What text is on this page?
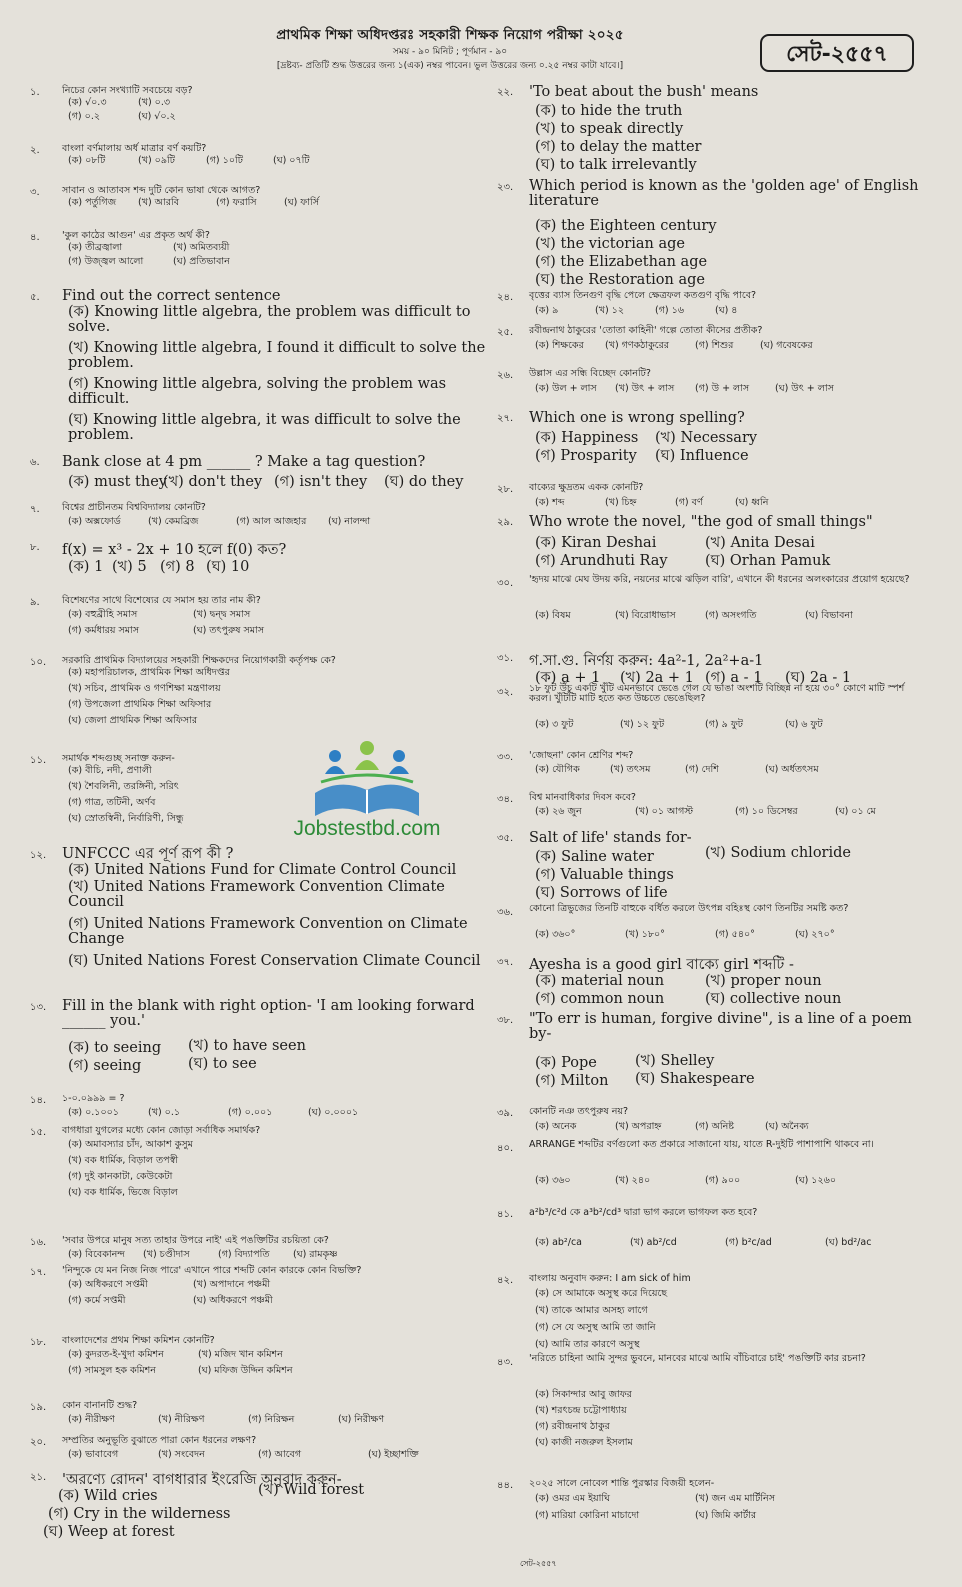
প্রাথমিক শিক্ষা অধিদপ্তরঃ সহকারী শিক্ষক নিয়োগ পরীক্ষা ২০২৫
সময় - ৯০ মিনিট ; পূর্ণমান - ৯০
[দ্রষ্টব্য- প্রতিটি শুদ্ধ উত্তরের জন্য ১(এক) নম্বর পাবেন। ভুল উত্তরের জন্য ০.২৫ নম্বর কাটা যাবে।]	সেট-২৫৫৭
১.	নিচের কোন সংখ্যাটি সবচেয়ে বড়?
(ক) √০.৩	(খ) ০.৩
(গ) ০.২	(ঘ) √০.২
২.	বাংলা বর্ণমালায় অর্ধ মাত্রার বর্ণ কয়টি?
(ক) ০৮টি	(খ) ০৯টি	(গ) ১০টি	(ঘ) ০৭টি
৩.	সাবান ও আতাবস শব্দ দুটি কোন ভাষা থেকে আগত?
(ক) পর্তুগিজ (খ) আরবি	(গ) ফরাসি	(ঘ) ফার্সি
৪.	'কুল কাঠের আগুন' এর প্রকৃত অর্থ কী?
(ক) তীব্রজ্বালা	(খ) অমিতব্যয়ী
(গ) উজ্জ্বল আলো	(ঘ) প্রতিভাবান
৫.	Find out the correct sentence
(ক) Knowing little algebra, the problem was difficult to solve.
(খ) Knowing little algebra, I found it difficult to solve the problem.
(গ) Knowing little algebra, solving the problem was difficult.
(ঘ) Knowing little algebra, it was difficult to solve the problem.
৬.	Bank close at 4 pm ______ ? Make a tag question?
(ক) must they
(খ) don't they (গ) isn't they (ঘ) do they
৭.	বিশ্বের প্রাচীনতম বিশ্ববিদ্যালয় কোনটি?
(ক) অক্সফোর্ড	(খ) কেমব্রিজ	(গ) আল আজহার (ঘ) নালন্দা
৮.	f(x) = x³ - 2x + 10 হলে f(0) কত?
(ক) 1 (খ) 5 (গ) 8 (ঘ) 10
৯.	বিশেষণের সাথে বিশেষ্যের যে সমাস হয় তার নাম কী?
(ক) বহুব্রীহি সমাস	(খ) দ্বন্দ্ব সমাস
(গ) কর্মধারয় সমাস	(ঘ) তৎপুরুষ সমাস
১০.	সরকারি প্রাথমিক বিদ্যালয়ের সহকারী শিক্ষকদের নিয়োগকারী কর্তৃপক্ষ কে?
(ক) মহাপরিচালক, প্রাথমিক শিক্ষা অধিদপ্তর
(খ) সচিব, প্রাথমিক ও গণশিক্ষা মন্ত্রণালয়
(গ) উপজেলা প্রাথমিক শিক্ষা অফিসার
(ঘ) জেলা প্রাথমিক শিক্ষা অফিসার
১১.	সমার্থক শব্দগুচ্ছ সনাক্ত করুন-
(ক) বীচি, নদী, প্রণালী
(খ) শৈবলিনী, তরঙ্গিনী, সরিৎ
(গ) গাত্র, তটিনী, অর্ণব
(ঘ) স্রোতস্বিনী, নির্বারিণী, সিন্ধু
১২.	UNFCCC এর পূর্ণ রূপ কী ?
(ক) United Nations Fund for Climate Control Council
(খ) United Nations Framework Convention Climate Council
(গ) United Nations Framework Convention on Climate Change
(ঘ) United Nations Forest Conservation Climate Council
১৩.	Fill in the blank with right option- 'I am looking forward ______ you.'
(ক) to seeing (খ) to have seen
(গ) seeing	(ঘ) to see
১৪.	১-০.০৯৯৯ = ?
(ক) ০.১০০১	(খ) ০.১	(গ) ০.০০১	(ঘ) ০.০০০১
১৫.	বাগধারা যুগলের মধ্যে কোন জোড়া সর্বাধিক সমার্থক?
(ক) অমাবস্যার চাঁদ, আকাশ কুসুম
(খ) বক ধার্মিক, বিড়াল তপস্বী
(গ) দুই কানকাটা, কেউকেটা
(ঘ) বক ধার্মিক, ভিজে বিড়াল
১৬.	'সবার উপরে মানুষ সত্য তাহার উপরে নাই' এই পঙক্তিটির রচয়িতা কে?
(ক) বিবেকানন্দ (খ) চণ্ডীদাস	(গ) বিদ্যাপতি (ঘ) রামকৃষ্ণ
১৭.	'নিন্দুকে যে মন নিজ নিজ পারে' এখানে পারে শব্দটি কোন কারকে কোন বিভক্তি?
(ক) অধিকরণে সপ্তমী	(খ) অপাদানে পঞ্চমী
(গ) কর্মে সপ্তমী	(ঘ) অধিকরণে পঞ্চমী
১৮.	বাংলাদেশের প্রথম শিক্ষা কমিশন কোনটি?
(ক) কুদরত-ই-খুদা কমিশন	(খ) মজিদ খান কমিশন
(গ) সামসুল হক কমিশন	(ঘ) মফিজ উদ্দিন কমিশন
১৯.	কোন বানানটি শুদ্ধ?
(ক) নীরীক্ষণ	(খ) নীরিক্ষণ	(গ) নিরিক্ষন	(ঘ) নিরীক্ষণ
২০.	সম্প্রতির অনুভূতি বুঝাতে পারা কোন ধরনের লক্ষণ?
(ক) ভাবাবেগ	(খ) সংবেদন	(গ) আবেগ	(ঘ) ইচ্ছাশক্তি
২১.	'অরণ্যে রোদন' বাগধারার ইংরেজি অনুবাদ করুন-
(ক) Wild cries	(খ) Wild forest
(গ) Cry in the wilderness
(ঘ) Weep at forest
২২.	'To beat about the bush' means
(ক) to hide the truth
(খ) to speak directly
(গ) to delay the matter
(ঘ) to talk irrelevantly
২৩.	Which period is known as the 'golden age' of English literature
(ক) the Eighteen century
(খ) the victorian age
(গ) the Elizabethan age
(ঘ) the Restoration age
২৪.	বৃত্তের ব্যাস তিনগুণ বৃদ্ধি পেলে ক্ষেত্রফল কতগুণ বৃদ্ধি পাবে?
(ক) ৯	(খ) ১২	(গ) ১৬	(ঘ) ৪
২৫.	রবীন্দ্রনাথ ঠাকুরের 'তোতা কাহিনী' গল্পে তোতা কীসের প্রতীক?
(ক) শিক্ষকের (খ) গণকঠাকুরের	(গ) শিশুর	(ঘ) গবেষকের
২৬.	উল্লাস এর সন্ধি বিচ্ছেদ কোনটি?
(ক) উল + লাস (খ) উৎ + লাস (গ) উ + লাস	(ঘ) উৎ + লাস
২৭.	Which one is wrong spelling?
(ক) Happiness (খ) Necessary
(গ) Prosparity (ঘ) Influence
২৮.	বাক্যের ক্ষুদ্রতম একক কোনটি?
(ক) শব্দ	(খ) চিহ্ন	(গ) বর্ণ	(ঘ) ধ্বনি
২৯.	Who wrote the novel, "the god of small things"
(ক) Kiran Deshai	(খ) Anita Desai
(গ) Arundhuti Ray	(ঘ) Orhan Pamuk
৩০.	'হৃদয় মাঝে মেঘ উদয় করি, নয়নের মাঝে ঝড়িল বারি', এখানে কী ধরনের অলংকারের প্রয়োগ হয়েছে?
(ক) বিষম	(খ) বিরোধাভাস	(গ) অসংগতি	(ঘ) বিভাবনা
৩১.	গ.সা.গু. নির্ণয় করুন: 4a²-1, 2a²+a-1
(ক) a + 1 (খ) 2a + 1 (গ) a - 1 (ঘ) 2a - 1
৩২.	১৮ ফুট উঁচু একটি খুঁটি এমনভাবে ভেঙে গেল যে ভাঙা অংশটি বিচ্ছিন্ন না হয়ে ৩০° কোণে মাটি স্পর্শ করল। খুঁটিটি মাটি হতে কত উচ্চতে ভেঙেছিল?
(ক) ৩ ফুট	(খ) ১২ ফুট	(গ) ৯ ফুট	(ঘ) ৬ ফুট
৩৩.	'জোছনা' কোন শ্রেণির শব্দ?
(ক) যৌগিক	(খ) তৎসম	(গ) দেশি	(ঘ) অর্ধতৎসম
৩৪.	বিশ্ব মানবাধিকার দিবস কবে?
(ক) ২৬ জুন	(খ) ০১ আগস্ট	(গ) ১০ ডিসেম্বর	(ঘ) ০১ মে
৩৫.	Salt of life' stands for-
(ক) Saline water	(খ) Sodium chloride
(গ) Valuable things
(ঘ) Sorrows of life
৩৬.	কোনো ত্রিভুজের তিনটি বাহুকে বর্ধিত করলে উৎপন্ন বহিঃস্থ কোণ তিনটির সমষ্টি কত?
(ক) ৩৬০°	(খ) ১৮০°	(গ) ৫৪০°	(ঘ) ২৭০°
৩৭.	Ayesha is a good girl বাক্যে girl শব্দটি -
(ক) material noun	(খ) proper noun
(গ) common noun	(ঘ) collective noun
৩৮.	"To err is human, forgive divine", is a line of a poem by-
(ক) Pope	(খ) Shelley
(গ) Milton (ঘ) Shakespeare
৩৯.	কোনটি নঞ তৎপুরুষ নয়?
(ক) অনেক	(খ) অপরাহ্ন	(গ) অনিষ্ট	(ঘ) অনৈক্য
৪০.	ARRANGE শব্দটির বর্ণগুলো কত প্রকারে সাজানো যায়, যাতে R-দুইটি পাশাপাশি থাকবে না।
(ক) ৩৬০	(খ) ২৪০	(গ) ৯০০	(ঘ) ১২৬০
৪১.	a²b³/c²d কে a³b²/cd³ দ্বারা ভাগ করলে ভাগফল কত হবে?
(ক) ab²/ca	(খ) ab²/cd	(গ) b²c/ad	(ঘ) bd²/ac
৪২.	বাংলায় অনুবাদ করুন: I am sick of him
(ক) সে আমাকে অসুস্থ করে দিয়েছে
(খ) তাকে আমার অসহ্য লাগে
(গ) সে যে অসুস্থ আমি তা জানি
(ঘ) আমি তার কারণে অসুস্থ
৪৩.	'নরিতে চাহিনা আমি সুন্দর ভুবনে, মানবের মাঝে আমি বাঁচিবারে চাই' পঙক্তিটি কার রচনা?
(ক) সিকান্দার আবু জাফর
(খ) শরৎচন্দ্র চট্টোপাধ্যায়
(গ) রবীন্দ্রনাথ ঠাকুর
(ঘ) কাজী নজরুল ইসলাম
৪৪.	২০২৫ সালে নোবেল শান্তি পুরস্কার বিজয়ী হলেন-
(ক) ওমর এম ইয়াঘি	(খ) জন এম মার্টিনিস
(গ) মারিয়া কোরিনা মাচাদো	(ঘ) জিমি কার্টার
Jobstestbd.com
সেট-২৫৫৭
